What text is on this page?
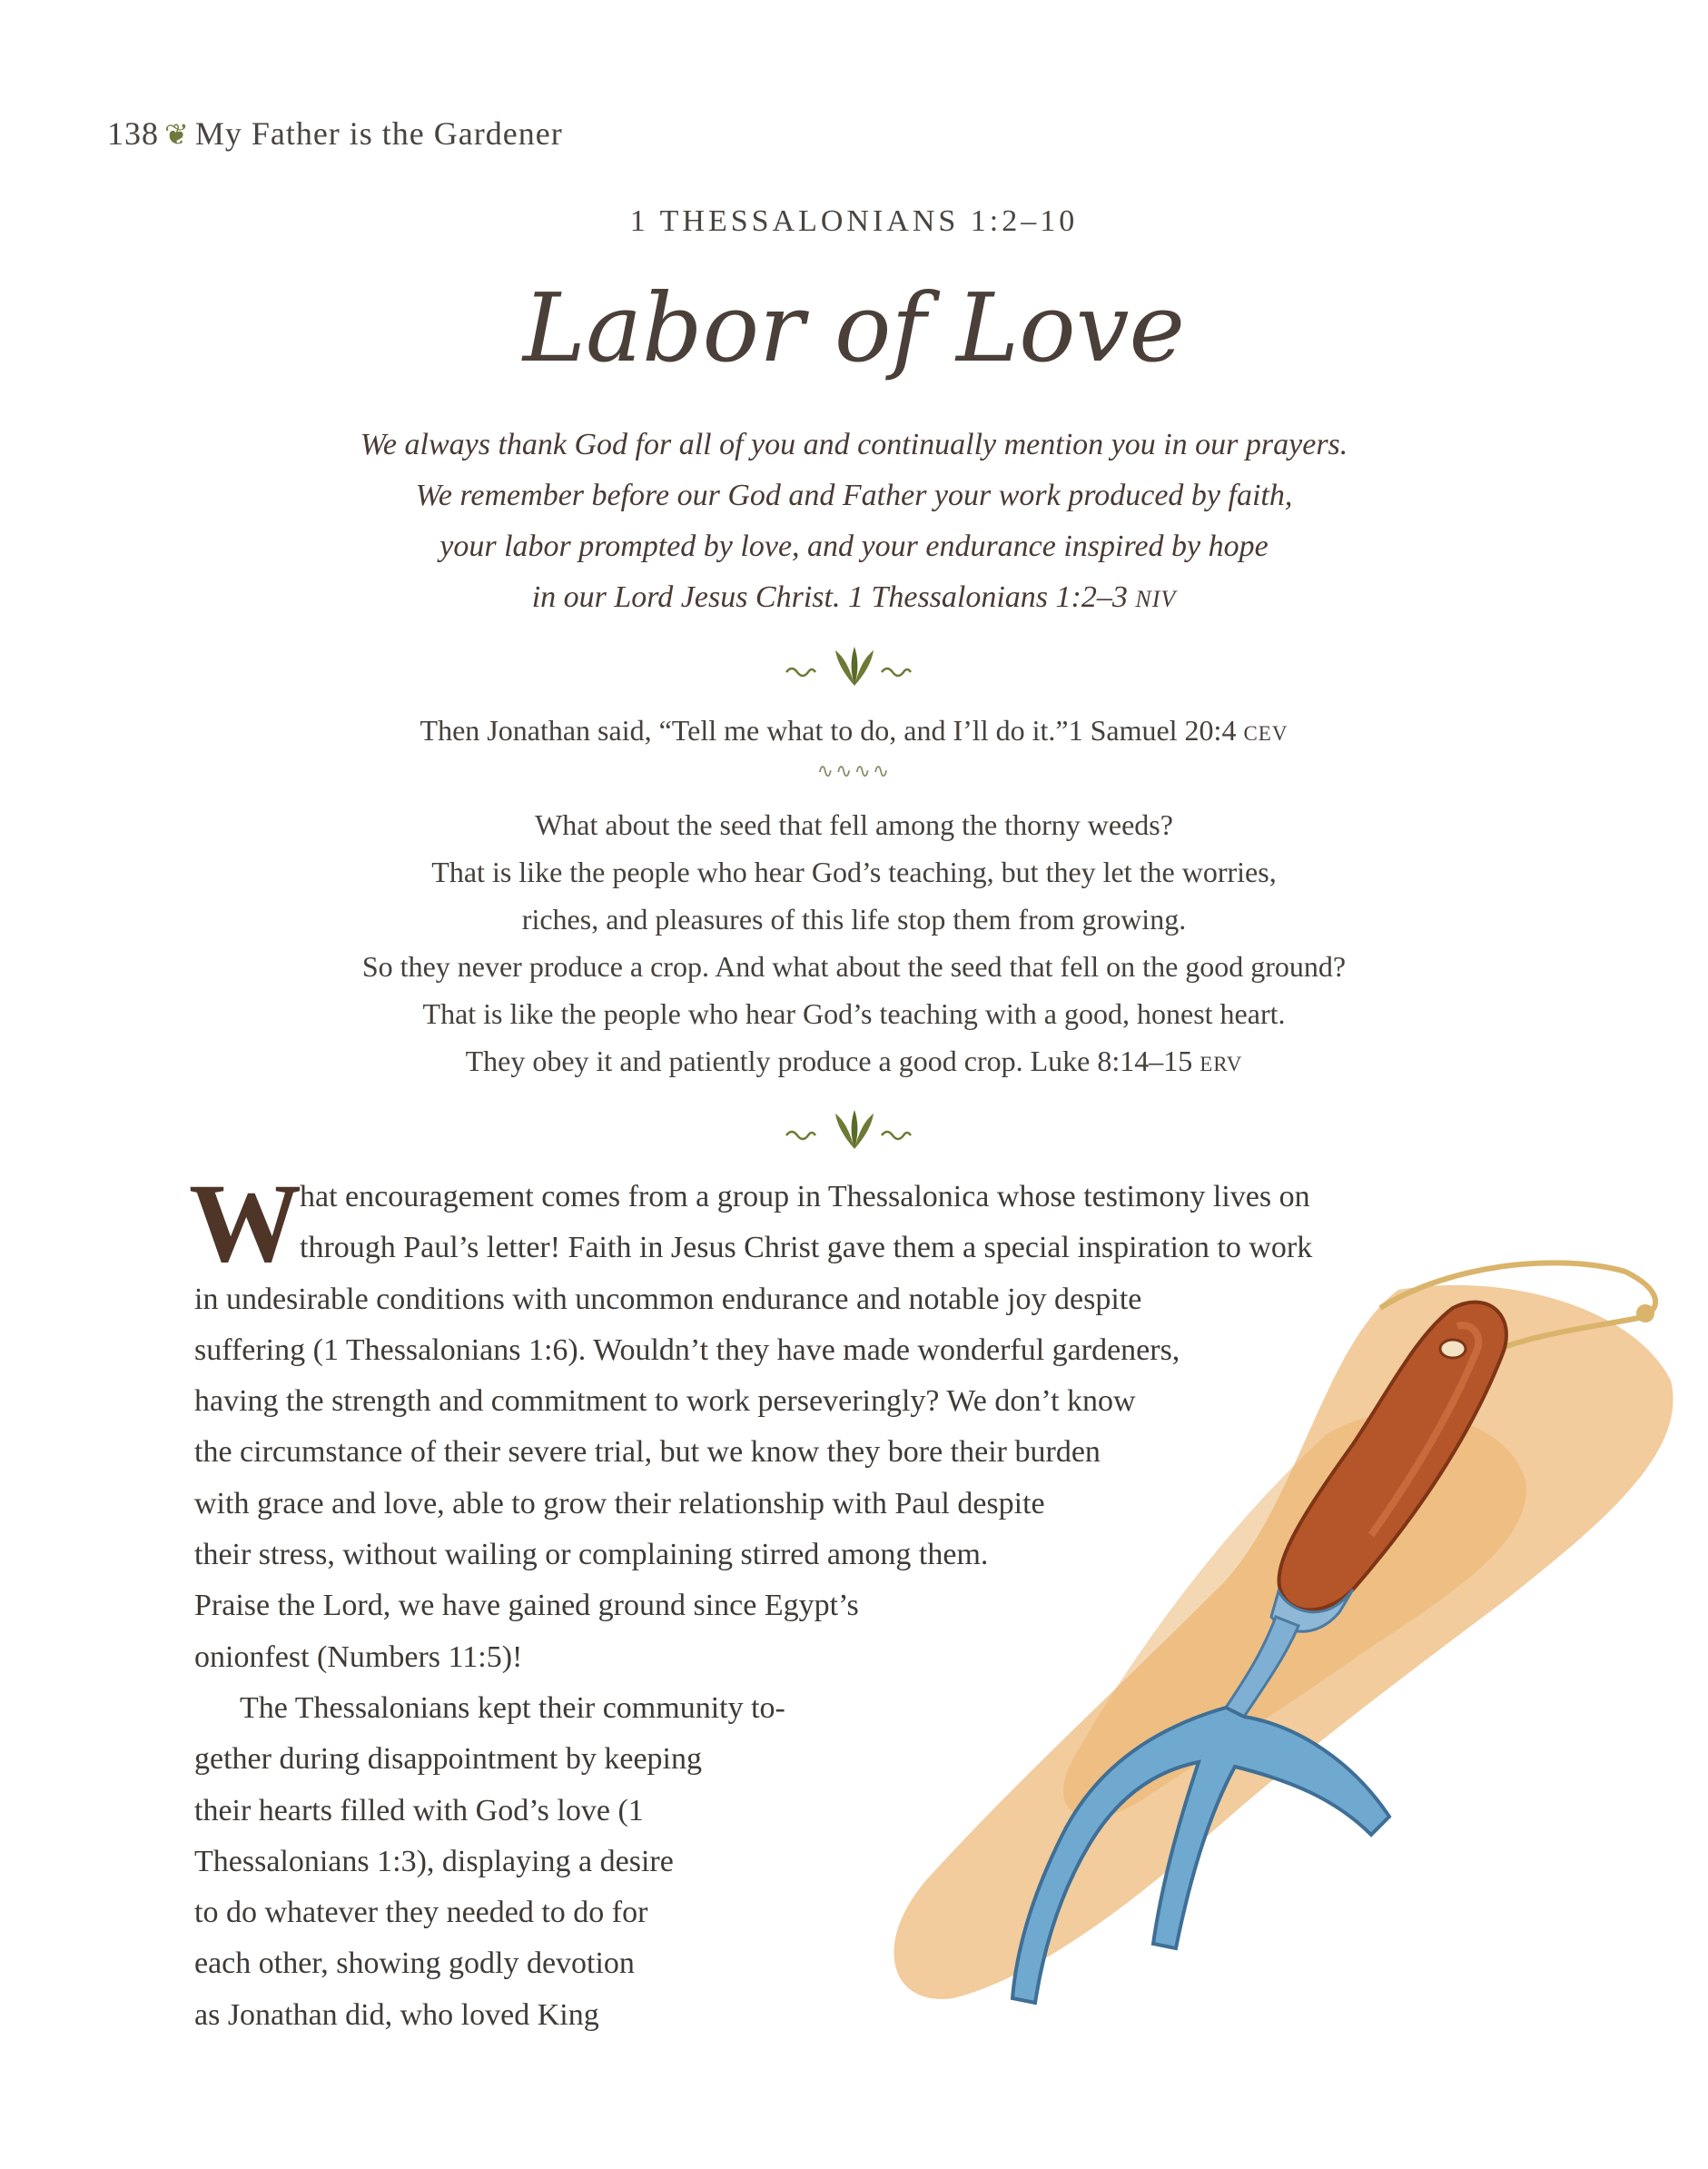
138 ❦ My Father is the Gardener
1 THESSALONIANS 1:2–10
Labor of Love
We always thank God for all of you and continually mention you in our prayers.
We remember before our God and Father your work produced by faith,
your labor prompted by love, and your endurance inspired by hope
in our Lord Jesus Christ. 1 Thessalonians 1:2–3 NIV
Then Jonathan said, “Tell me what to do, and I’ll do it.”1 Samuel 20:4 CEV
∿∿∿∿
What about the seed that fell among the thorny weeds?
That is like the people who hear God’s teaching, but they let the worries,
riches, and pleasures of this life stop them from growing.
So they never produce a crop. And what about the seed that fell on the good ground?
That is like the people who hear God’s teaching with a good, honest heart.
They obey it and patiently produce a good crop. Luke 8:14–15 ERV
W
hat encouragement comes from a group in Thessalonica whose testimony lives on
through Paul’s letter! Faith in Jesus Christ gave them a special inspiration to work
in undesirable conditions with uncommon endurance and notable joy despite
suffering (1 Thessalonians 1:6). Wouldn’t they have made wonderful gardeners,
having the strength and commitment to work perseveringly? We don’t know
the circumstance of their severe trial, but we know they bore their burden
with grace and love, able to grow their relationship with Paul despite
their stress, without wailing or complaining stirred among them.
Praise the Lord, we have gained ground since Egypt’s
onionfest (Numbers 11:5)!
The Thessalonians kept their community to-
gether during disappointment by keeping
their hearts filled with God’s love (1
Thessalonians 1:3), displaying a desire
to do whatever they needed to do for
each other, showing godly devotion
as Jonathan did, who loved King
